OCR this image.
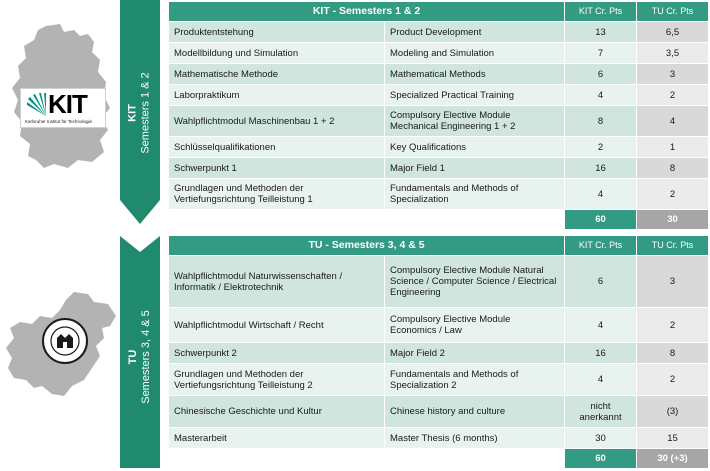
KIT
Karlsruher Institut für Technologie	KIT Semesters 1 & 2
TU Semesters 3, 4 & 5
KIT - Semesters 1 & 2		KIT Cr. Pts	TU Cr. Pts
Produktentstehung	Product Development	13	6,5
Modellbildung und Simulation	Modeling and Simulation	7	3,5
Mathematische Methode	Mathematical Methods	6	3
Laborpraktikum	Specialized Practical Training	4	2
Wahlpflichtmodul Maschinenbau 1 + 2	Compulsory Elective Module Mechanical Engineering 1 + 2	8	4
Schlüsselqualifikationen	Key Qualifications	2	1
Schwerpunkt 1	Major Field 1	16	8
Grundlagen und Methoden der Vertiefungsrichtung Teilleistung 1	Fundamentals and Methods of Specialization	4	2
		60	30
TU - Semesters 3, 4 & 5		KIT Cr. Pts	TU Cr. Pts
Wahlpflichtmodul Naturwissenschaften / Informatik / Elektrotechnik	Compulsory Elective Module Natural Science / Computer Science / Electrical Engineering	6	3
Wahlpflichtmodul Wirtschaft / Recht	Compulsory Elective Module Economics / Law	4	2
Schwerpunkt 2	Major Field 2	16	8
Grundlagen und Methoden der Vertiefungsrichtung Teilleistung 2	Fundamentals and Methods of Specialization 2	4	2
Chinesische Geschichte und Kultur	Chinese history and culture	nicht anerkannt	(3)
Masterarbeit	Master Thesis (6 months)	30	15
		60	30 (+3)
